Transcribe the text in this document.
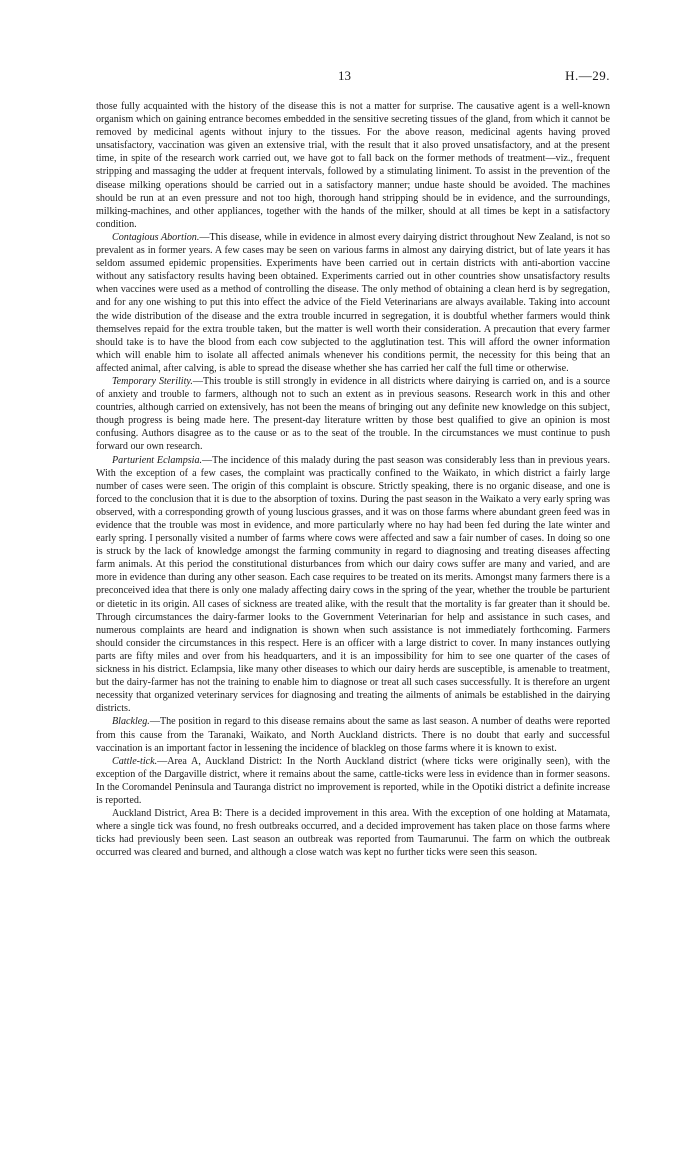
13	H.—29.

those fully acquainted with the history of the disease this is not a matter for surprise. The causative agent is a well-known organism which on gaining entrance becomes embedded in the sensitive secreting tissues of the gland, from which it cannot be removed by medicinal agents without injury to the tissues. For the above reason, medicinal agents having proved unsatisfactory, vaccination was given an extensive trial, with the result that it also proved unsatisfactory, and at the present time, in spite of the research work carried out, we have got to fall back on the former methods of treatment—viz., frequent stripping and massaging the udder at frequent intervals, followed by a stimulating liniment. To assist in the prevention of the disease milking operations should be carried out in a satisfactory manner; undue haste should be avoided. The machines should be run at an even pressure and not too high, thorough hand stripping should be in evidence, and the surroundings, milking-machines, and other appliances, together with the hands of the milker, should at all times be kept in a satisfactory condition.

Contagious Abortion.—This disease, while in evidence in almost every dairying district throughout New Zealand, is not so prevalent as in former years. A few cases may be seen on various farms in almost any dairying district, but of late years it has seldom assumed epidemic propensities. Experiments have been carried out in certain districts with anti-abortion vaccine without any satisfactory results having been obtained. Experiments carried out in other countries show unsatisfactory results when vaccines were used as a method of controlling the disease. The only method of obtaining a clean herd is by segregation, and for any one wishing to put this into effect the advice of the Field Veterinarians are always available. Taking into account the wide distribution of the disease and the extra trouble incurred in segregation, it is doubtful whether farmers would think themselves repaid for the extra trouble taken, but the matter is well worth their consideration. A precaution that every farmer should take is to have the blood from each cow subjected to the agglutination test. This will afford the owner information which will enable him to isolate all affected animals whenever his conditions permit, the necessity for this being that an affected animal, after calving, is able to spread the disease whether she has carried her calf the full time or otherwise.

Temporary Sterility.—This trouble is still strongly in evidence in all districts where dairying is carried on, and is a source of anxiety and trouble to farmers, although not to such an extent as in previous seasons. Research work in this and other countries, although carried on extensively, has not been the means of bringing out any definite new knowledge on this subject, though progress is being made here. The present-day literature written by those best qualified to give an opinion is most confusing. Authors disagree as to the cause or as to the seat of the trouble. In the circumstances we must continue to push forward our own research.

Parturient Eclampsia.—The incidence of this malady during the past season was considerably less than in previous years. With the exception of a few cases, the complaint was practically confined to the Waikato, in which district a fairly large number of cases were seen. The origin of this complaint is obscure. Strictly speaking, there is no organic disease, and one is forced to the conclusion that it is due to the absorption of toxins. During the past season in the Waikato a very early spring was observed, with a corresponding growth of young luscious grasses, and it was on those farms where abundant green feed was in evidence that the trouble was most in evidence, and more particularly where no hay had been fed during the late winter and early spring. I personally visited a number of farms where cows were affected and saw a fair number of cases. In doing so one is struck by the lack of knowledge amongst the farming community in regard to diagnosing and treating diseases affecting farm animals. At this period the constitutional disturbances from which our dairy cows suffer are many and varied, and are more in evidence than during any other season. Each case requires to be treated on its merits. Amongst many farmers there is a preconceived idea that there is only one malady affecting dairy cows in the spring of the year, whether the trouble be parturient or dietetic in its origin. All cases of sickness are treated alike, with the result that the mortality is far greater than it should be. Through circumstances the dairy-farmer looks to the Government Veterinarian for help and assistance in such cases, and numerous complaints are heard and indignation is shown when such assistance is not immediately forthcoming. Farmers should consider the circumstances in this respect. Here is an officer with a large district to cover. In many instances outlying parts are fifty miles and over from his headquarters, and it is an impossibility for him to see one quarter of the cases of sickness in his district. Eclampsia, like many other diseases to which our dairy herds are susceptible, is amenable to treatment, but the dairy-farmer has not the training to enable him to diagnose or treat all such cases successfully. It is therefore an urgent necessity that organized veterinary services for diagnosing and treating the ailments of animals be established in the dairying districts.

Blackleg.—The position in regard to this disease remains about the same as last season. A number of deaths were reported from this cause from the Taranaki, Waikato, and North Auckland districts. There is no doubt that early and successful vaccination is an important factor in lessening the incidence of blackleg on those farms where it is known to exist.

Cattle-tick.—Area A, Auckland District: In the North Auckland district (where ticks were originally seen), with the exception of the Dargaville district, where it remains about the same, cattle-ticks were less in evidence than in former seasons. In the Coromandel Peninsula and Tauranga district no improvement is reported, while in the Opotiki district a definite increase is reported.

Auckland District, Area B: There is a decided improvement in this area. With the exception of one holding at Matamata, where a single tick was found, no fresh outbreaks occurred, and a decided improvement has taken place on those farms where ticks had previously been seen. Last season an outbreak was reported from Taumarunui. The farm on which the outbreak occurred was cleared and burned, and although a close watch was kept no further ticks were seen this season.
